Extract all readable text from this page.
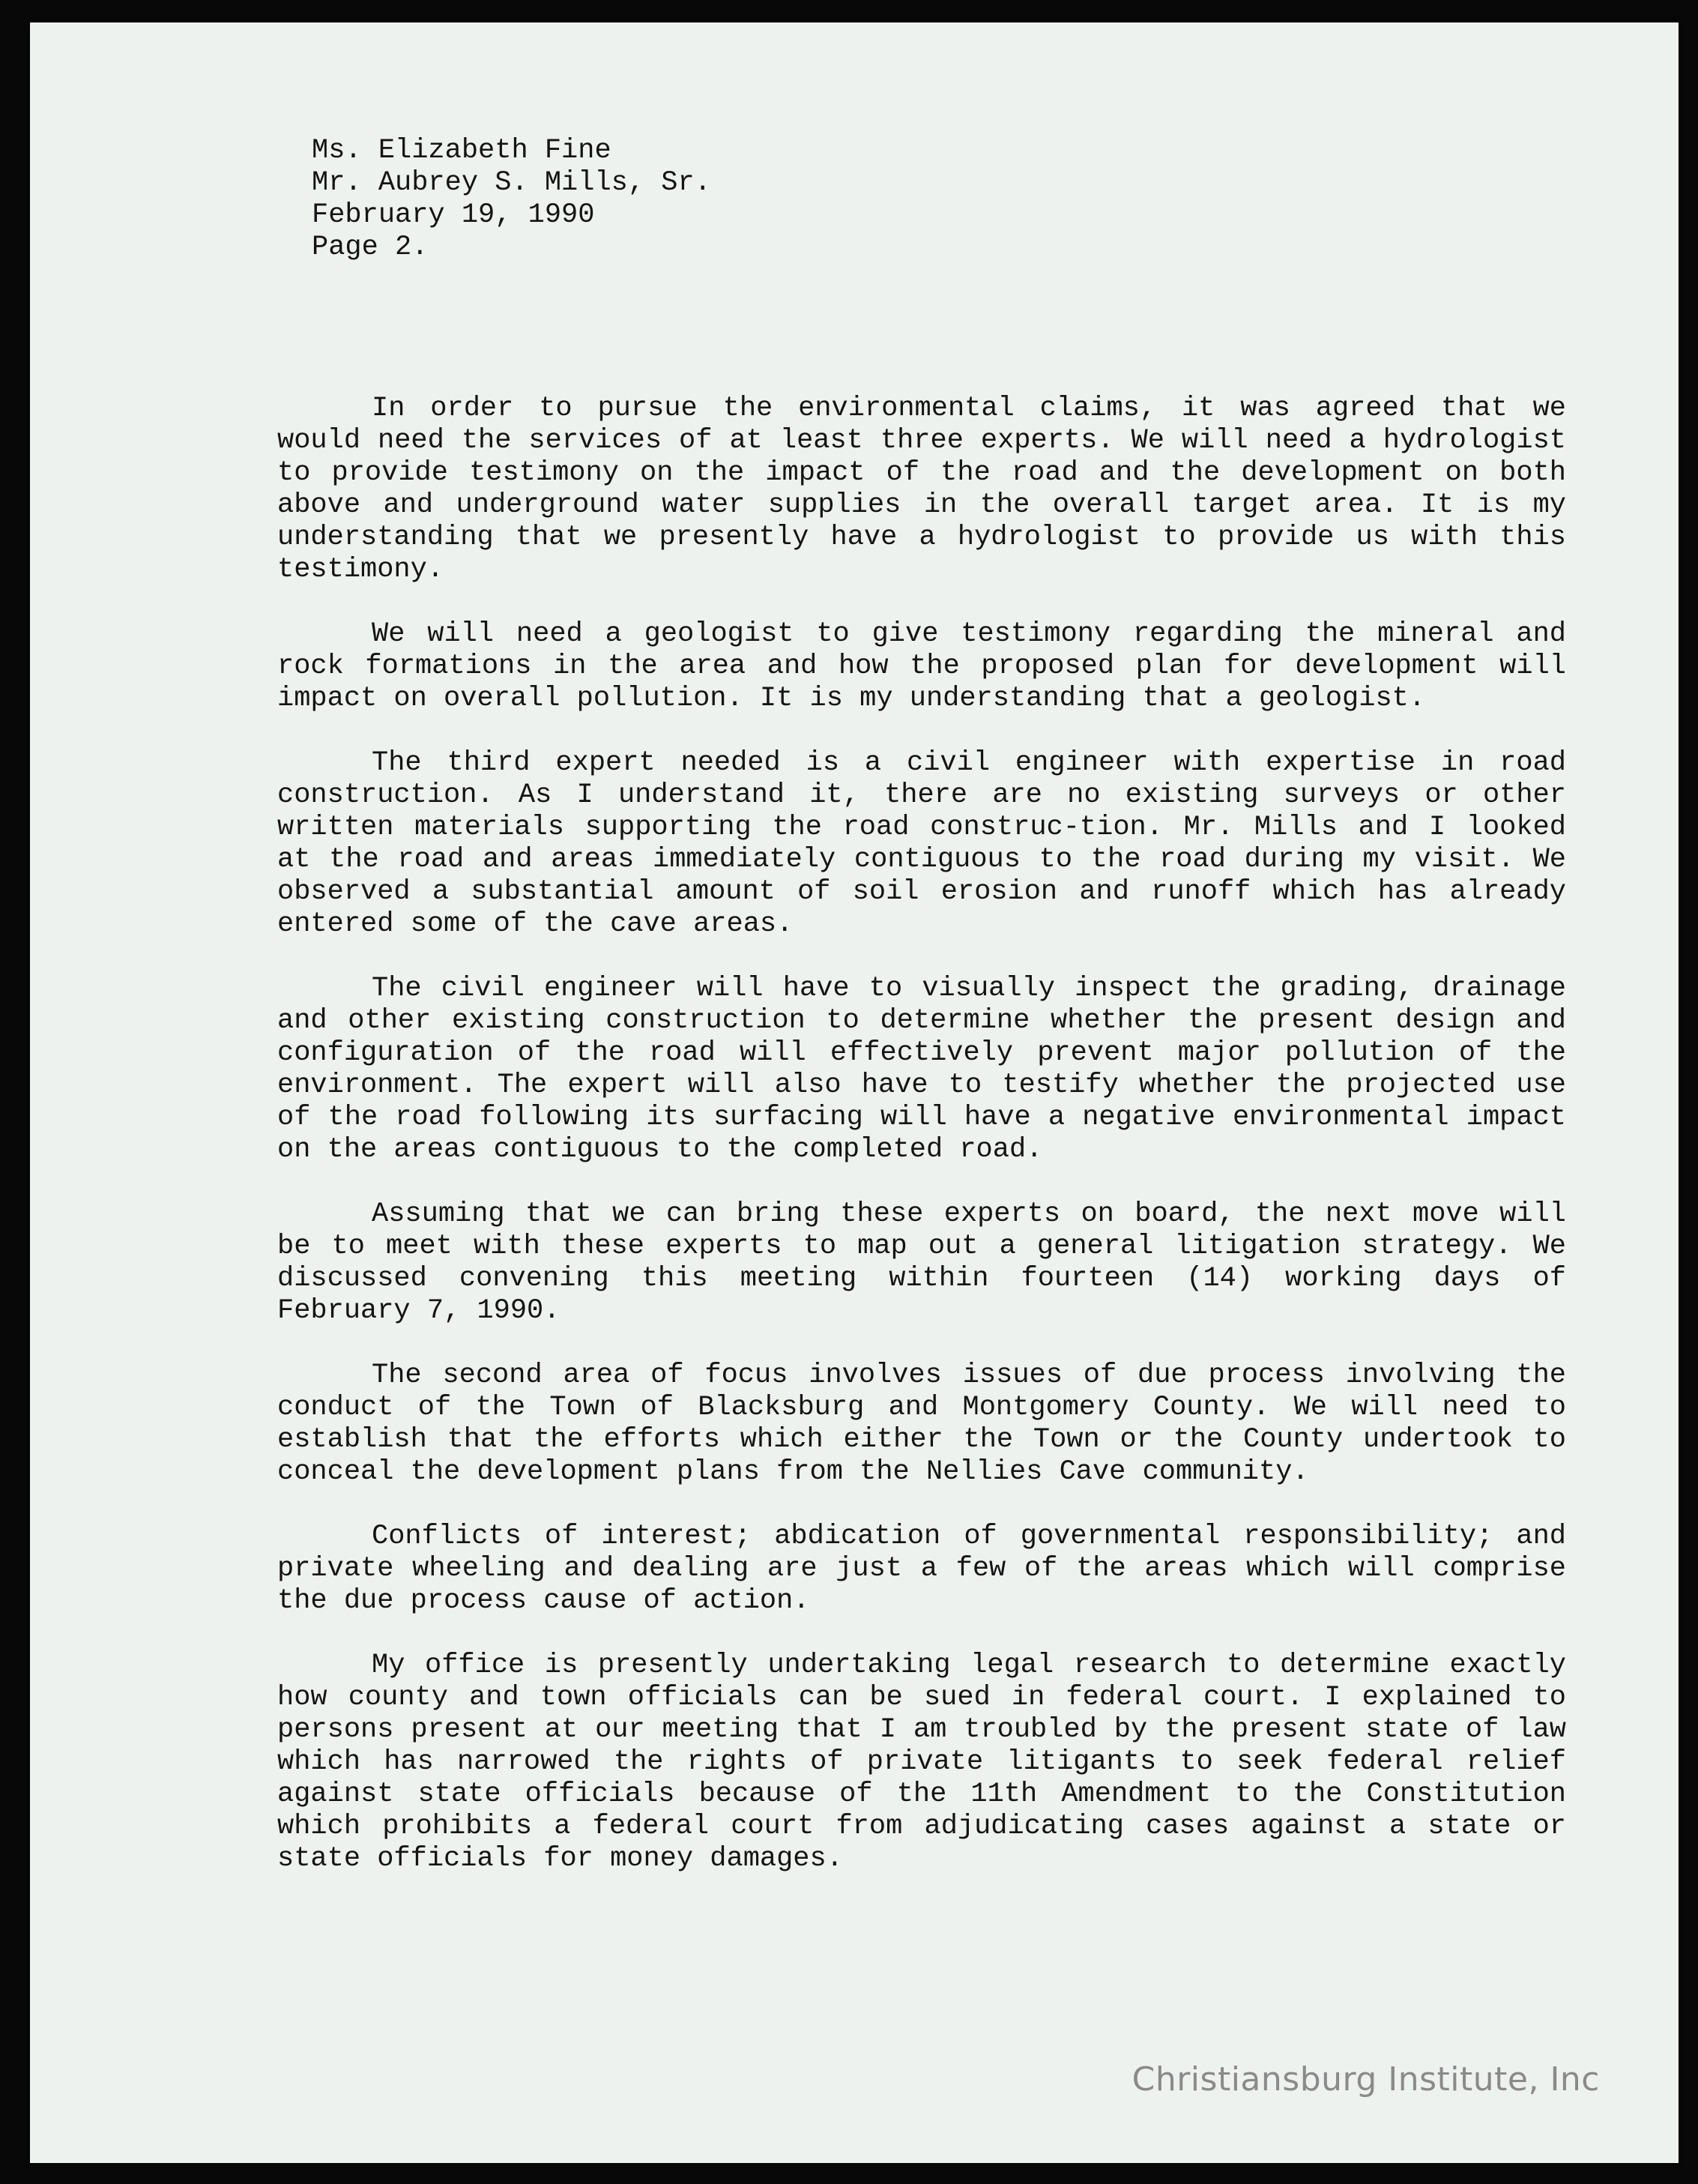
Ms. Elizabeth Fine
Mr. Aubrey S. Mills, Sr.
February 19, 1990
Page 2.

In order to pursue the environmental claims, it was agreed that we would need the services of at least three experts. We will need a hydrologist to provide testimony on the impact of the road and the development on both above and underground water supplies in the overall target area. It is my understanding that we presently have a hydrologist to provide us with this testimony.

We will need a geologist to give testimony regarding the mineral and rock formations in the area and how the proposed plan for development will impact on overall pollution. It is my understanding that a geologist.

The third expert needed is a civil engineer with expertise in road construction. As I understand it, there are no existing surveys or other written materials supporting the road construc-tion. Mr. Mills and I looked at the road and areas immediately contiguous to the road during my visit. We observed a substantial amount of soil erosion and runoff which has already entered some of the cave areas.

The civil engineer will have to visually inspect the grading, drainage and other existing construction to determine whether the present design and configuration of the road will effectively prevent major pollution of the environment. The expert will also have to testify whether the projected use of the road following its surfacing will have a negative environmental impact on the areas contiguous to the completed road.

Assuming that we can bring these experts on board, the next move will be to meet with these experts to map out a general litigation strategy. We discussed convening this meeting within fourteen (14) working days of February 7, 1990.

The second area of focus involves issues of due process involving the conduct of the Town of Blacksburg and Montgomery County. We will need to establish that the efforts which either the Town or the County undertook to conceal the development plans from the Nellies Cave community.

Conflicts of interest; abdication of governmental responsibility; and private wheeling and dealing are just a few of the areas which will comprise the due process cause of action.

My office is presently undertaking legal research to determine exactly how county and town officials can be sued in federal court. I explained to persons present at our meeting that I am troubled by the present state of law which has narrowed the rights of private litigants to seek federal relief against state officials because of the 11th Amendment to the Constitution which prohibits a federal court from adjudicating cases against a state or state officials for money damages.

Christiansburg Institute, Inc
